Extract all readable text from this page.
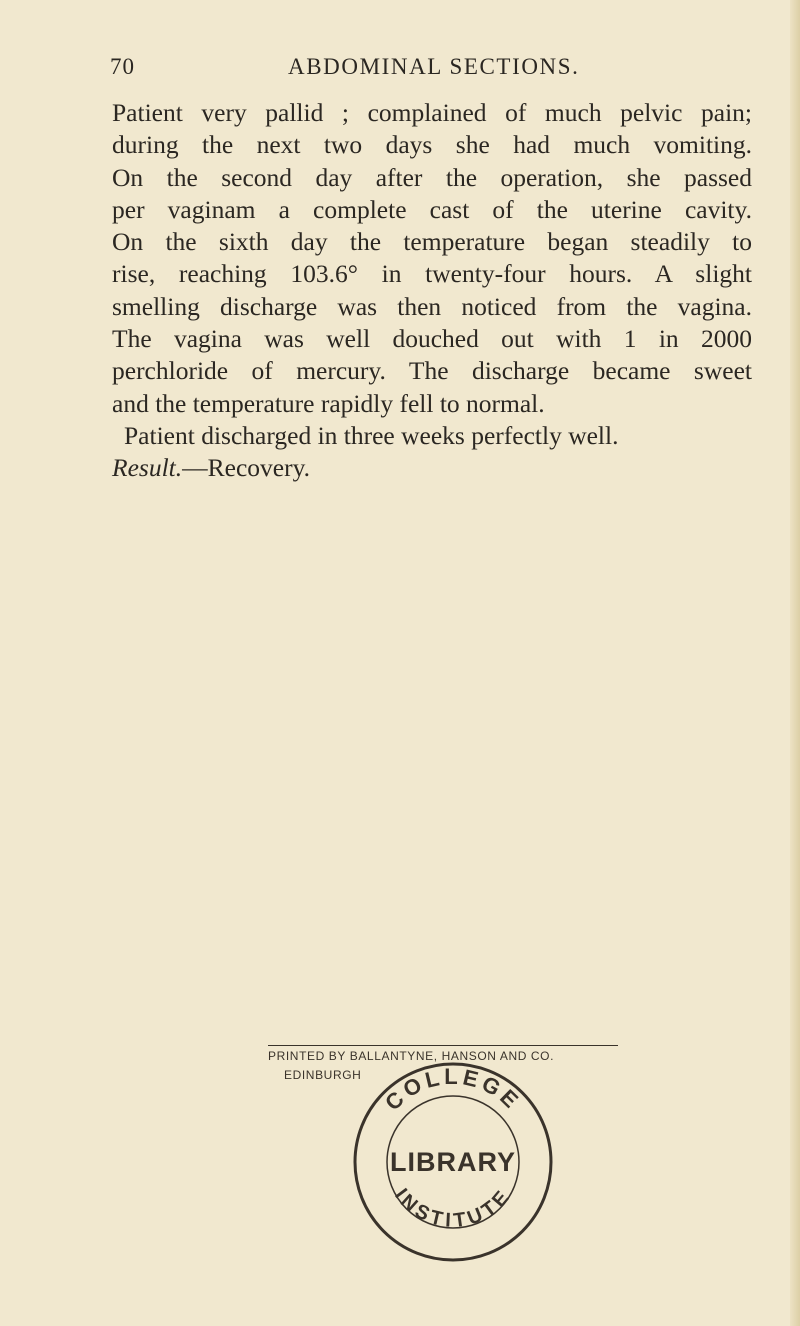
70	ABDOMINAL SECTIONS.
Patient very pallid ; complained of much pelvic pain;
during the next two days she had much vomiting.
On the second day after the operation, she passed
per vaginam a complete cast of the uterine cavity.
On the sixth day the temperature began steadily to
rise, reaching 103.6° in twenty-four hours. A slight
smelling discharge was then noticed from the vagina.
The vagina was well douched out with 1 in 2000
perchloride of mercury. The discharge became sweet
and the temperature rapidly fell to normal.
Patient discharged in three weeks perfectly well.
Result.—Recovery.
PRINTED BY BALLANTYNE, HANSON AND CO.
EDINBURGH
COLLEGE
LIBRARY
INSTITUTE
